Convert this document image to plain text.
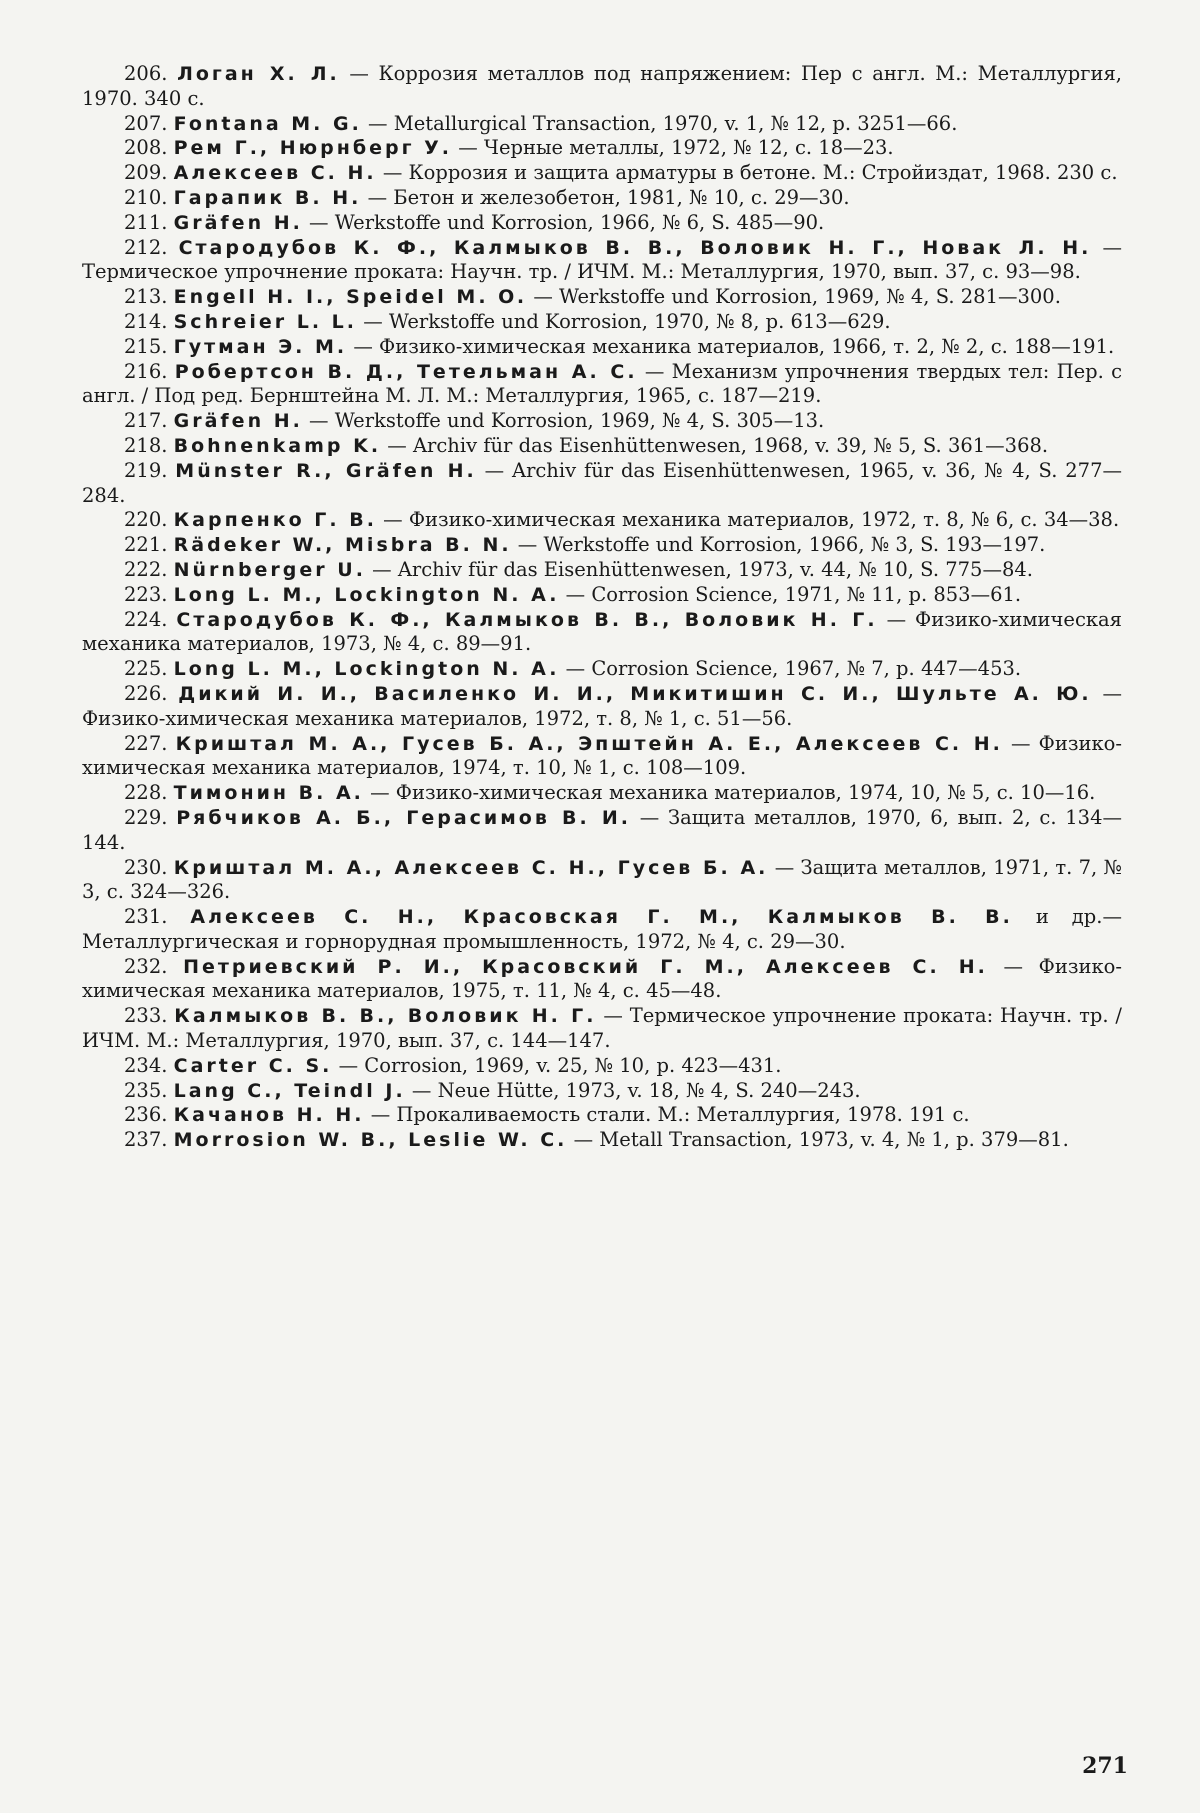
206. Логан Х. Л. — Коррозия металлов под напряжением: Пер с англ. М.: Металлургия, 1970. 340 с.

207. Fontana M. G. — Metallurgical Transaction, 1970, v. 1, № 12, p. 3251—66.

208. Рем Г., Нюрнберг У. — Черные металлы, 1972, № 12, с. 18—23.

209. Алексеев С. Н. — Коррозия и защита арматуры в бетоне. М.: Стройиздат, 1968. 230 с.

210. Гарапик В. Н. — Бетон и железобетон, 1981, № 10, с. 29—30.

211. Gräfen H. — Werkstoffe und Korrosion, 1966, № 6, S. 485—90.

212. Стародубов К. Ф., Калмыков В. В., Воловик Н. Г., Новак Л. Н. — Термическое упрочнение проката: Научн. тр. / ИЧМ. М.: Металлургия, 1970, вып. 37, с. 93—98.

213. Engell H. I., Speidel M. O. — Werkstoffe und Korrosion, 1969, № 4, S. 281—300.

214. Schreier L. L. — Werkstoffe und Korrosion, 1970, № 8, p. 613—629.

215. Гутман Э. М. — Физико-химическая механика материалов, 1966, т. 2, № 2, с. 188—191.

216. Робертсон В. Д., Тетельман А. С. — Механизм упрочнения твердых тел: Пер. с англ. / Под ред. Бернштейна М. Л. М.: Металлургия, 1965, с. 187—219.

217. Gräfen H. — Werkstoffe und Korrosion, 1969, № 4, S. 305—13.

218. Bohnenkamp K. — Archiv für das Eisenhüttenwesen, 1968, v. 39, № 5, S. 361—368.

219. Münster R., Gräfen H. — Archiv für das Eisenhüttenwesen, 1965, v. 36, № 4, S. 277—284.

220. Карпенко Г. В. — Физико-химическая механика материалов, 1972, т. 8, № 6, с. 34—38.

221. Rädeker W., Misbra B. N. — Werkstoffe und Korrosion, 1966, № 3, S. 193—197.

222. Nürnberger U. — Archiv für das Eisenhüttenwesen, 1973, v. 44, № 10, S. 775—84.

223. Long L. M., Lockington N. A. — Corrosion Science, 1971, № 11, p. 853—61.

224. Стародубов К. Ф., Калмыков В. В., Воловик Н. Г. — Физико-химическая механика материалов, 1973, № 4, с. 89—91.

225. Long L. M., Lockington N. A. — Corrosion Science, 1967, № 7, p. 447—453.

226. Дикий И. И., Василенко И. И., Микитишин С. И., Шульте А. Ю. — Физико-химическая механика материалов, 1972, т. 8, № 1, с. 51—56.

227. Криштал М. А., Гусев Б. А., Эпштейн А. Е., Алексеев С. Н. — Физико-химическая механика материалов, 1974, т. 10, № 1, с. 108—109.

228. Тимонин В. А. — Физико-химическая механика материалов, 1974, 10, № 5, с. 10—16.

229. Рябчиков А. Б., Герасимов В. И. — Защита металлов, 1970, 6, вып. 2, с. 134—144.

230. Криштал М. А., Алексеев С. Н., Гусев Б. А. — Защита металлов, 1971, т. 7, № 3, с. 324—326.

231. Алексеев С. Н., Красовская Г. М., Калмыков В. В. и др.— Металлургическая и горнорудная промышленность, 1972, № 4, с. 29—30.

232. Петриевский Р. И., Красовский Г. М., Алексеев С. Н. — Физико-химическая механика материалов, 1975, т. 11, № 4, с. 45—48.

233. Калмыков В. В., Воловик Н. Г. — Термическое упрочнение проката: Научн. тр. / ИЧМ. М.: Металлургия, 1970, вып. 37, с. 144—147.

234. Carter C. S. — Corrosion, 1969, v. 25, № 10, p. 423—431.

235. Lang C., Teindl J. — Neue Hütte, 1973, v. 18, № 4, S. 240—243.

236. Качанов Н. Н. — Прокаливаемость стали. М.: Металлургия, 1978. 191 с.

237. Morrosion W. B., Leslie W. C. — Metall Transaction, 1973, v. 4, № 1, p. 379—81.

271
